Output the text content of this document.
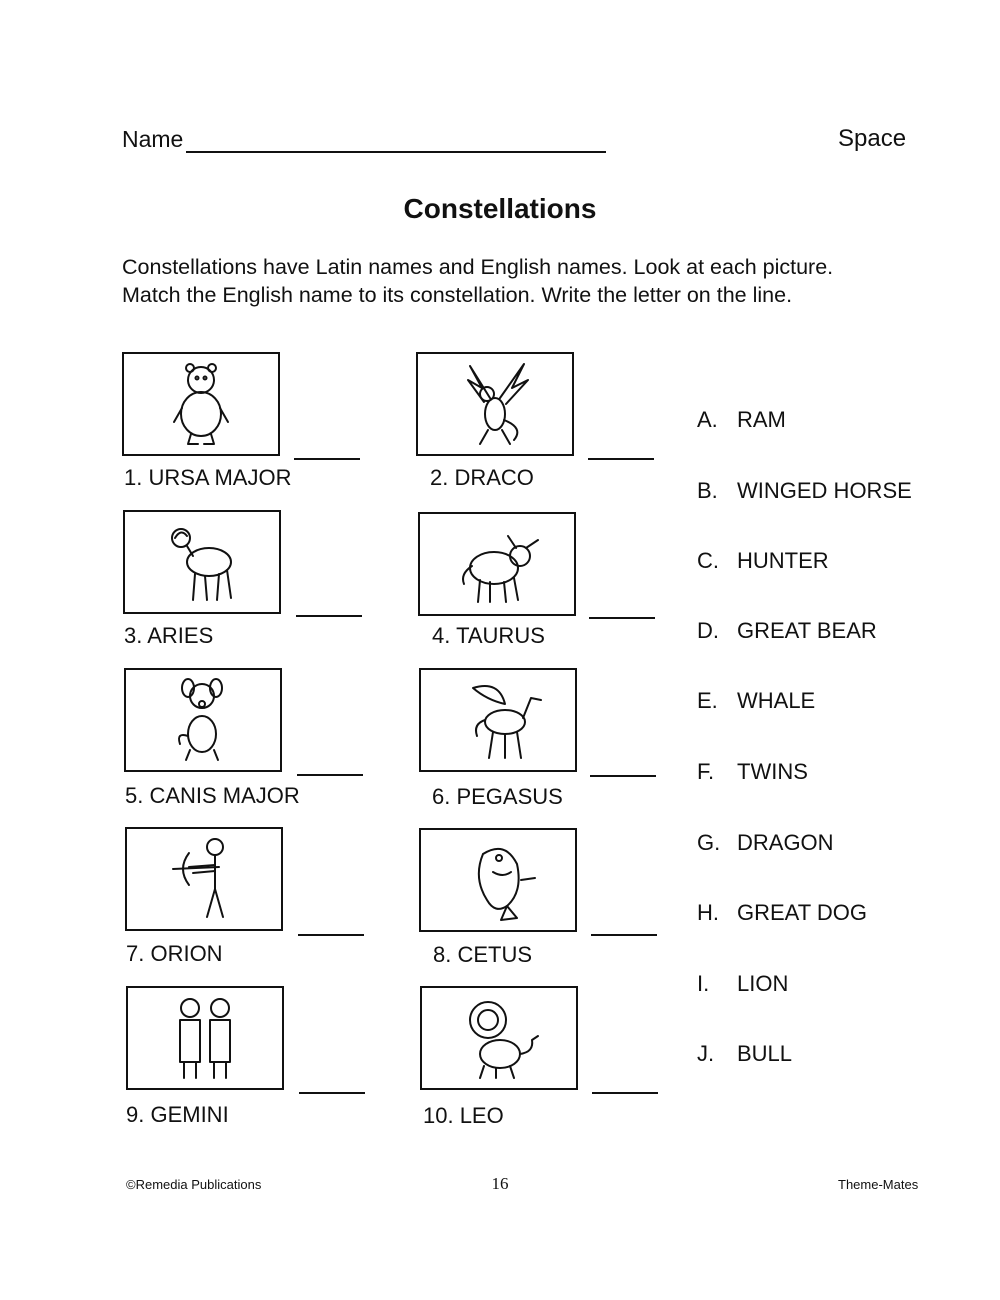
Name	Space
Constellations
Constellations have Latin names and English names. Look at each picture.
Match the English name to its constellation. Write the letter on the line.
1. URSA MAJOR	2. DRACO
3. ARIES	4. TAURUS
5. CANIS MAJOR	6. PEGASUS
7. ORION	8. CETUS
9. GEMINI	10. LEO
A. RAM
B. WINGED HORSE
C. HUNTER
D. GREAT BEAR
E. WHALE
F. TWINS
G. DRAGON
H. GREAT DOG
I. LION
J. BULL
©Remedia Publications	16	Theme-Mates
